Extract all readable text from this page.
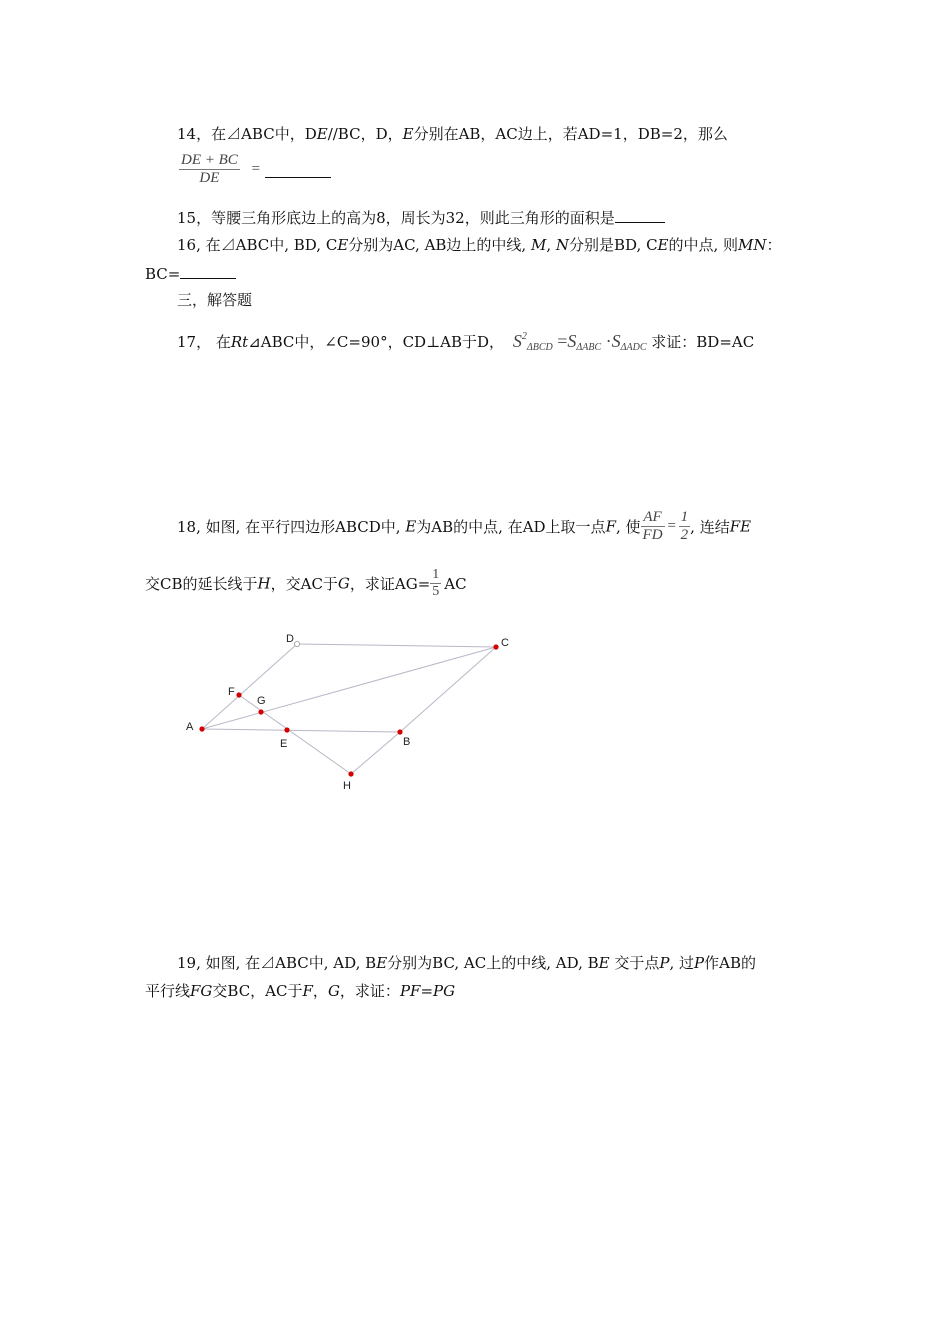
14，在⊿ABC中，DE//BC，D，E分别在AB，AC边上，若AD=1，DB=2，那么
$\frac{DE + BC}{DE}$ =
15，等腰三角形底边上的高为8，周长为32，则此三角形的面积是
16, 在⊿ABC中, BD, CE分别为AC, AB边上的中线, M, N分别是BD, CE的中点, 则MN：
BC=
三，解答题
17， 在Rt⊿ABC中，∠C=90°，CD⊥AB于D， $S^2_{\Delta BCD} =S_{\Delta ABC} \cdot S_{\Delta ADC}$ 求证：BD=AC
18, 如图, 在平行四边形ABCD中, E为AB的中点, 在AD上取一点F, 使 $\frac{AF}{FD} = \frac{1}{2}$ , 连结FE
交CB的延长线于H，交AC于G，求证$AG= \frac{1}{5}$ AC
A
D	C
B
F
G
E
H
19, 如图, 在⊿ABC中, AD, BE分别为BC, AC上的中线, AD, BE 交于点P, 过P作AB的
平行线FG交BC，AC于F，G，求证：PF=PG
